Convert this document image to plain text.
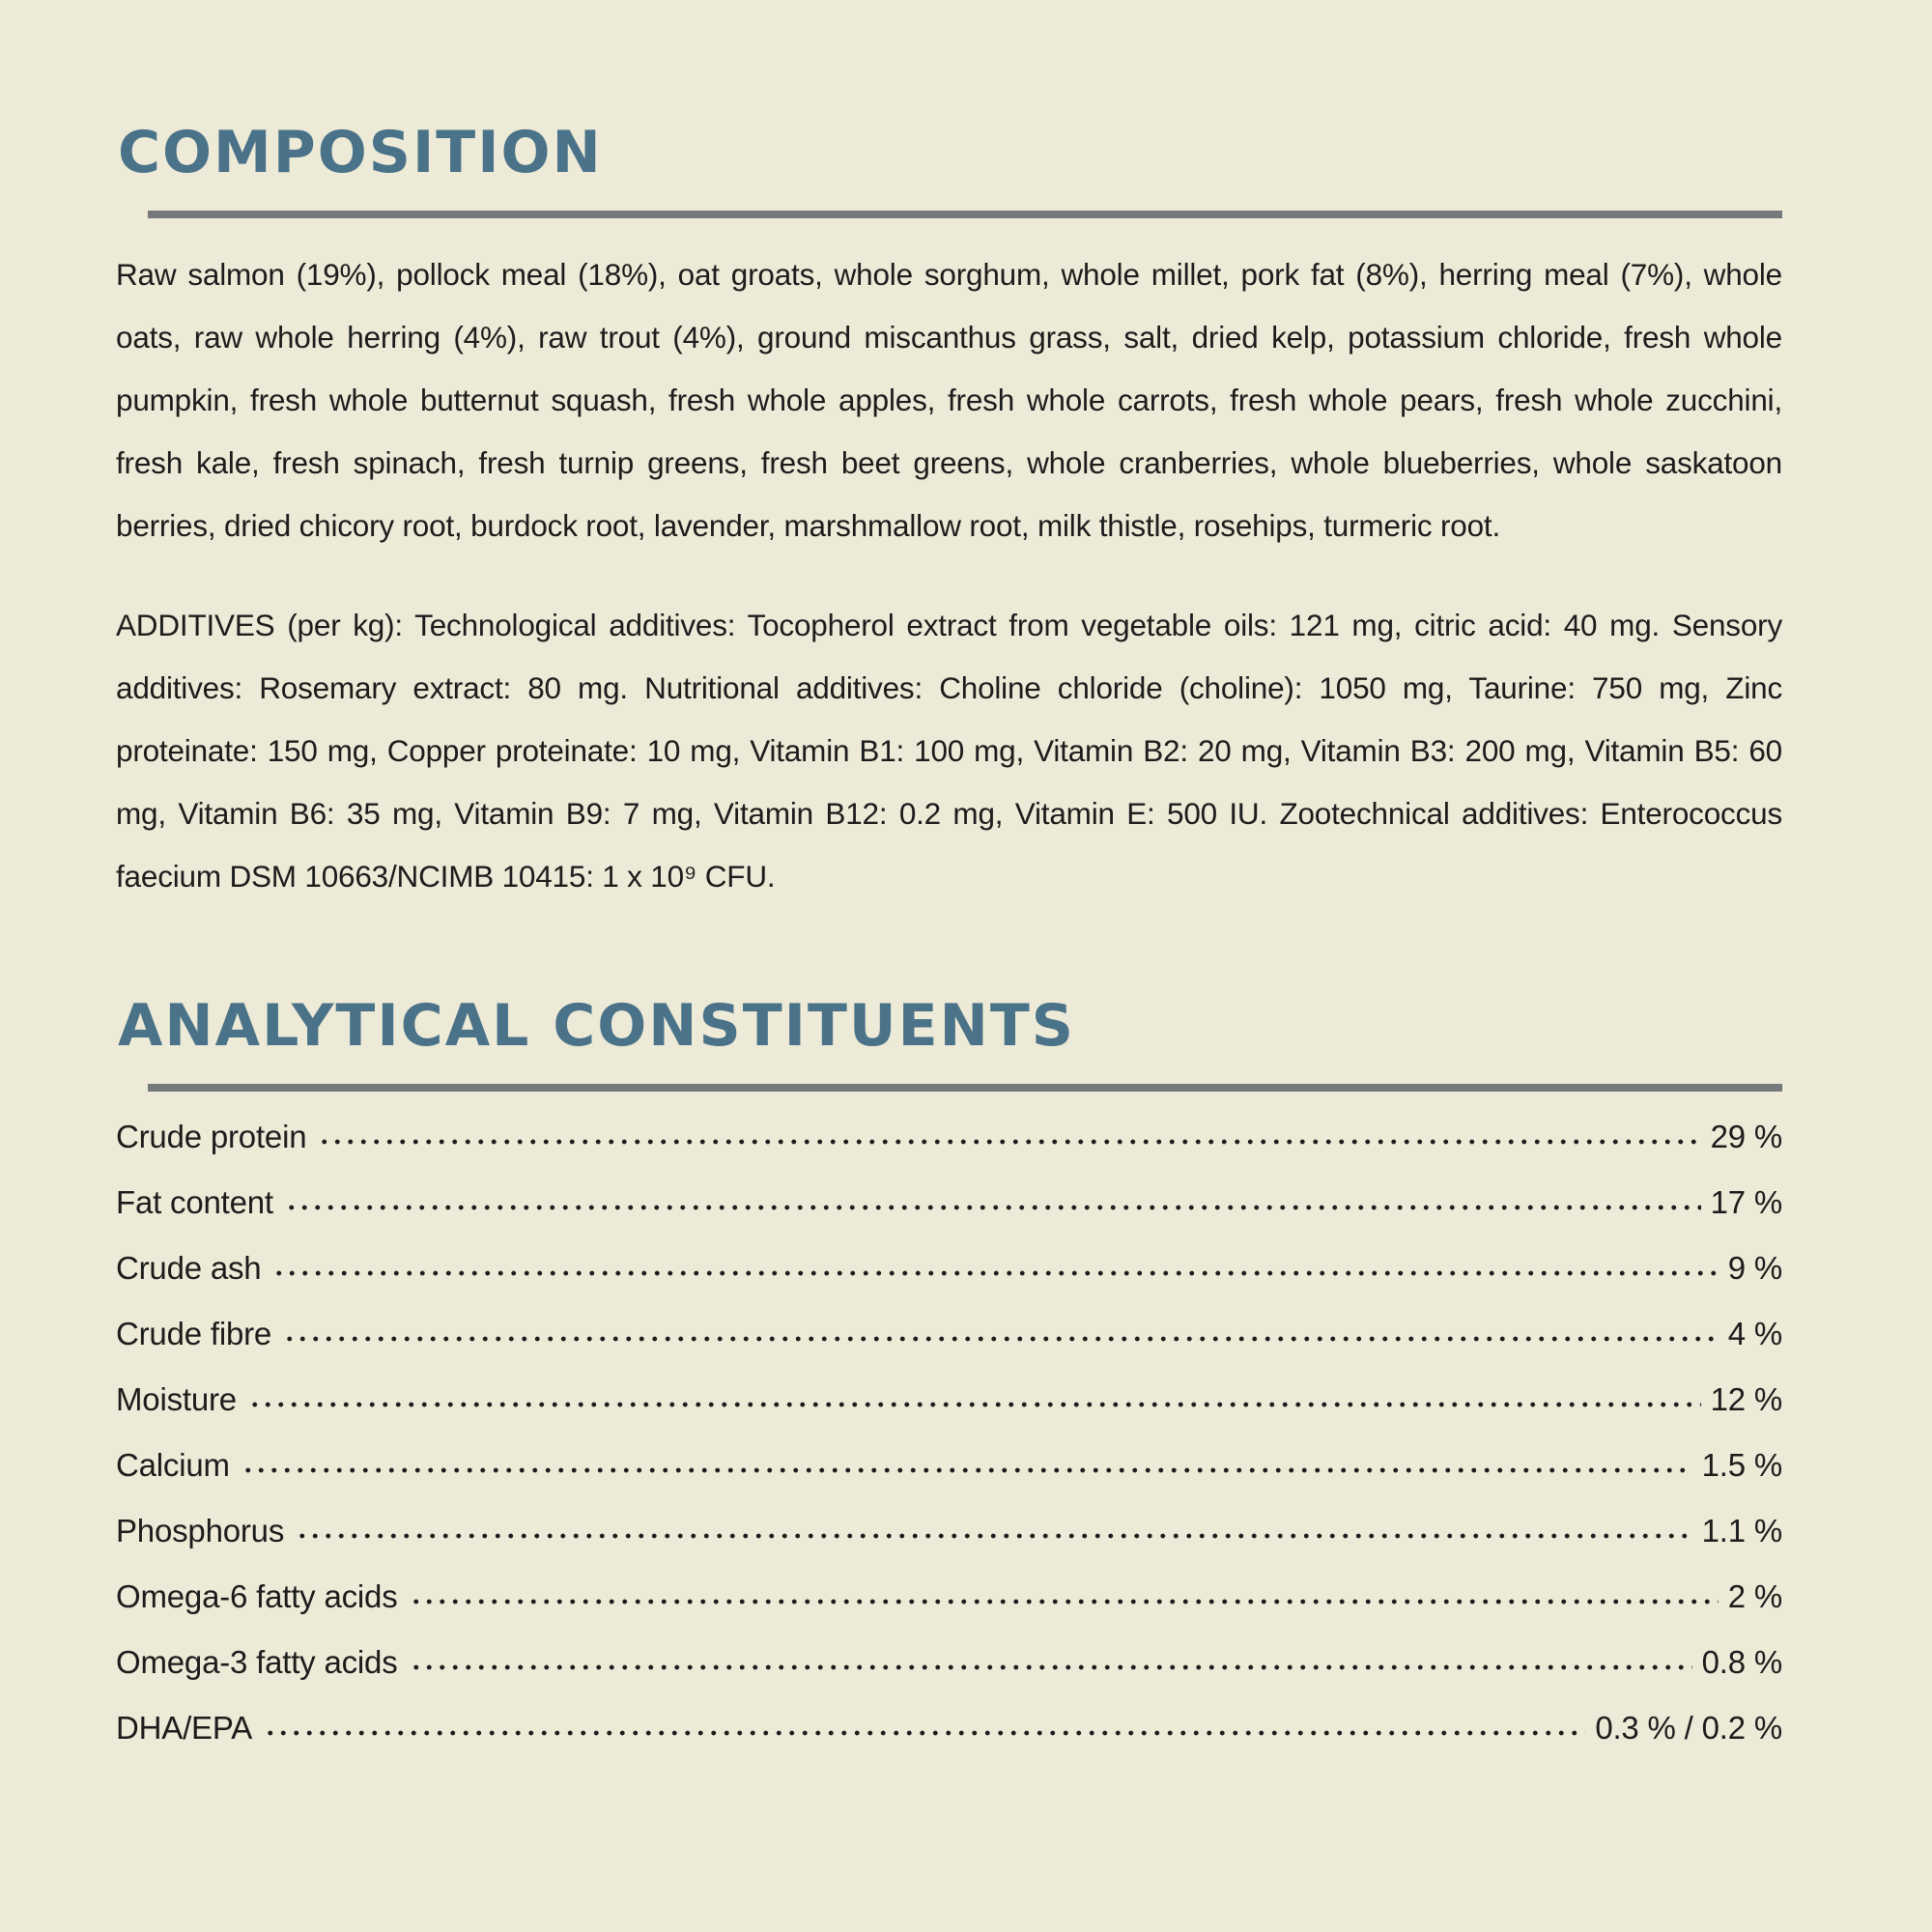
COMPOSITION

Raw salmon (19%), pollock meal (18%), oat groats, whole sorghum, whole millet, pork fat (8%), herring meal (7%), whole oats, raw whole herring (4%), raw trout (4%), ground miscanthus grass, salt, dried kelp, potassium chloride, fresh whole pumpkin, fresh whole butternut squash, fresh whole apples, fresh whole carrots, fresh whole pears, fresh whole zucchini, fresh kale, fresh spinach, fresh turnip greens, fresh beet greens, whole cranberries, whole blueberries, whole saskatoon berries, dried chicory root, burdock root, lavender, marshmallow root, milk thistle, rosehips, turmeric root.

ADDITIVES (per kg): Technological additives: Tocopherol extract from vegetable oils: 121 mg, citric acid: 40 mg. Sensory additives: Rosemary extract: 80 mg. Nutritional additives: Choline chloride (choline): 1050 mg, Taurine: 750 mg, Zinc proteinate: 150 mg, Copper proteinate: 10 mg, Vitamin B1: 100 mg, Vitamin B2: 20 mg, Vitamin B3: 200 mg, Vitamin B5: 60 mg, Vitamin B6: 35 mg, Vitamin B9: 7 mg, Vitamin B12: 0.2 mg, Vitamin E: 500 IU. Zootechnical additives: Enterococcus faecium DSM 10663/NCIMB 10415: 1 x 10⁹ CFU.

ANALYTICAL CONSTITUENTS
Crude protein	29 %
Fat content	17 %
Crude ash	9 %
Crude fibre	4 %
Moisture	12 %
Calcium	1.5 %
Phosphorus	1.1 %
Omega-6 fatty acids	2 %
Omega-3 fatty acids	0.8 %
DHA/EPA	0.3 % / 0.2 %
